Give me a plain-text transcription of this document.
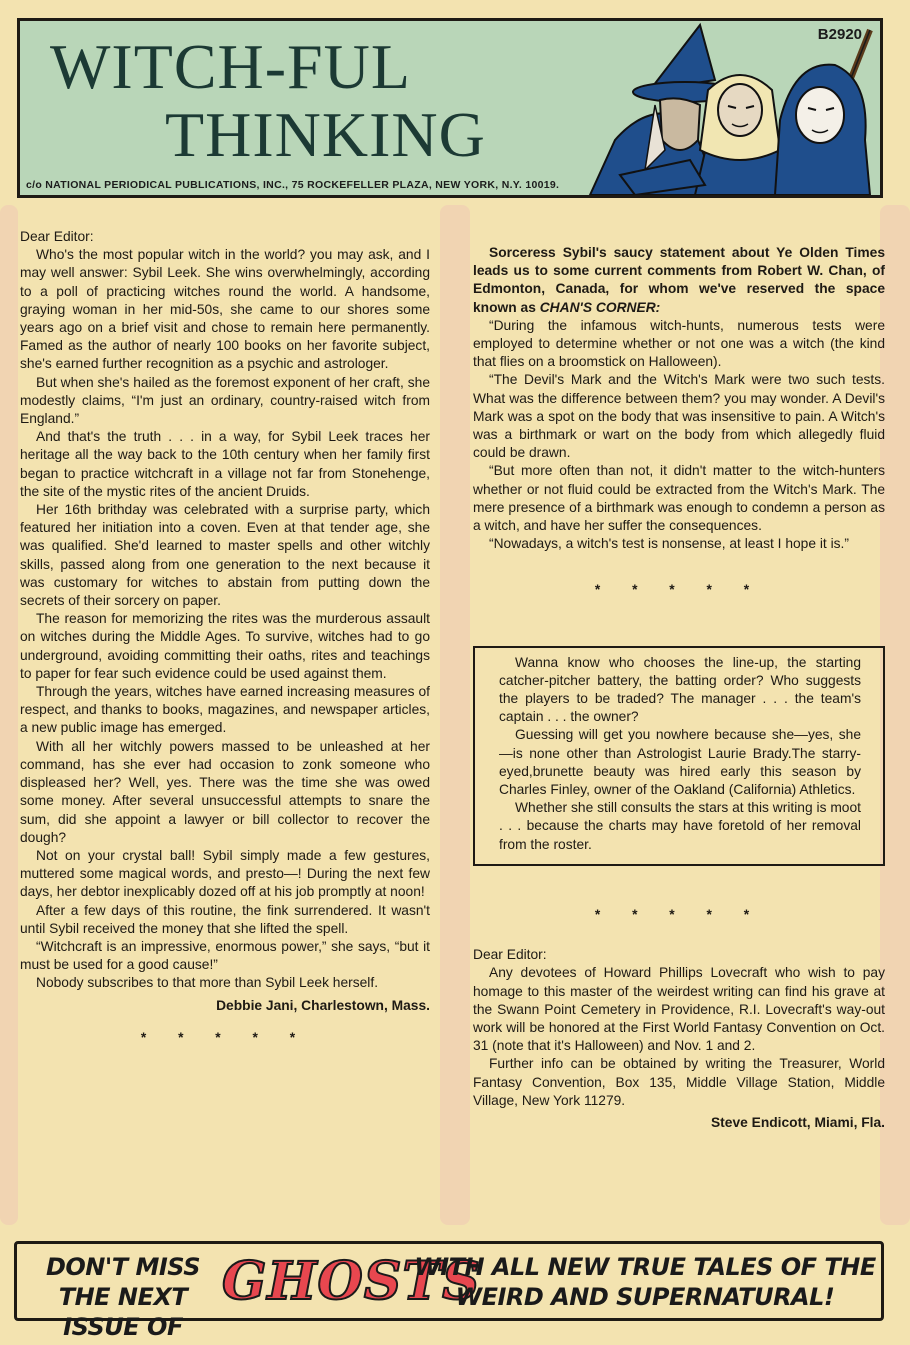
WITCH-FUL
THINKING
B2920
c/o NATIONAL PERIODICAL PUBLICATIONS, INC., 75 ROCKEFELLER PLAZA, NEW YORK, N.Y. 10019.

Dear Editor:

Who's the most popular witch in the world? you may ask, and I may well answer: Sybil Leek. She wins overwhelmingly, according to a poll of practicing witches round the world. A handsome, graying woman in her mid-50s, she came to our shores some years ago on a brief visit and chose to remain here permanently. Famed as the author of nearly 100 books on her favorite subject, she's earned further recognition as a psychic and astrologer.

But when she's hailed as the foremost exponent of her craft, she modestly claims, “I'm just an ordinary, country-raised witch from England.”

And that's the truth . . . in a way, for Sybil Leek traces her heritage all the way back to the 10th century when her family first began to practice witchcraft in a village not far from Stonehenge, the site of the mystic rites of the ancient Druids.

Her 16th brithday was celebrated with a surprise party, which featured her initiation into a coven. Even at that tender age, she was qualified. She'd learned to master spells and other witchly skills, passed along from one generation to the next because it was customary for witches to abstain from putting down the secrets of their sorcery on paper.

The reason for memorizing the rites was the murderous assault on witches during the Middle Ages. To survive, witches had to go underground, avoiding committing their oaths, rites and teachings to paper for fear such evidence could be used against them.

Through the years, witches have earned increasing measures of respect, and thanks to books, magazines, and newspaper articles, a new public image has emerged.

With all her witchly powers massed to be unleashed at her command, has she ever had occasion to zonk someone who displeased her? Well, yes. There was the time she was owed some money. After several unsuccessful attempts to snare the sum, did she appoint a lawyer or bill collector to recover the dough?

Not on your crystal ball! Sybil simply made a few gestures, muttered some magical words, and presto—! During the next few days, her debtor inexplicably dozed off at his job promptly at noon!

After a few days of this routine, the fink surrendered. It wasn't until Sybil received the money that she lifted the spell.

“Witchcraft is an impressive, enormous power,” she says, “but it must be used for a good cause!”

Nobody subscribes to that more than Sybil Leek herself.

Debbie Jani, Charlestown, Mass.

* * * * *

Sorceress Sybil's saucy statement about Ye Olden Times leads us to some current comments from Robert W. Chan, of Edmonton, Canada, for whom we've reserved the space known as CHAN'S CORNER:

“During the infamous witch-hunts, numerous tests were employed to determine whether or not one was a witch (the kind that flies on a broomstick on Halloween).

“The Devil's Mark and the Witch's Mark were two such tests. What was the difference between them? you may wonder. A Devil's Mark was a spot on the body that was insensitive to pain. A Witch's was a birthmark or wart on the body from which allegedly fluid could be drawn.

“But more often than not, it didn't matter to the witch-hunters whether or not fluid could be extracted from the Witch's Mark. The mere presence of a birthmark was enough to condemn a person as a witch, and have her suffer the consequences.

“Nowadays, a witch's test is nonsense, at least I hope it is.”

* * * * *

Wanna know who chooses the line-up, the starting catcher-pitcher battery, the batting order? Who suggests the players to be traded? The manager . . . the team's captain . . . the owner?

Guessing will get you nowhere because she—yes, she —is none other than Astrologist Laurie Brady.The starry-eyed,brunette beauty was hired early this season by Charles Finley, owner of the Oakland (California) Athletics.

Whether she still consults the stars at this writing is moot . . . because the charts may have foretold of her removal from the roster.

* * * * *

Dear Editor:

Any devotees of Howard Phillips Lovecraft who wish to pay homage to this master of the weirdest writing can find his grave at the Swann Point Cemetery in Providence, R.I. Lovecraft's way-out work will be honored at the First World Fantasy Convention on Oct. 31 (note that it's Halloween) and Nov. 1 and 2.

Further info can be obtained by writing the Treasurer, World Fantasy Convention, Box 135, Middle Village Station, Middle Village, New York 11279.

Steve Endicott, Miami, Fla.

DON'T MISS THE NEXT ISSUE OF
GHOSTS
WITH ALL NEW TRUE TALES OF THE WEIRD AND SUPERNATURAL!
